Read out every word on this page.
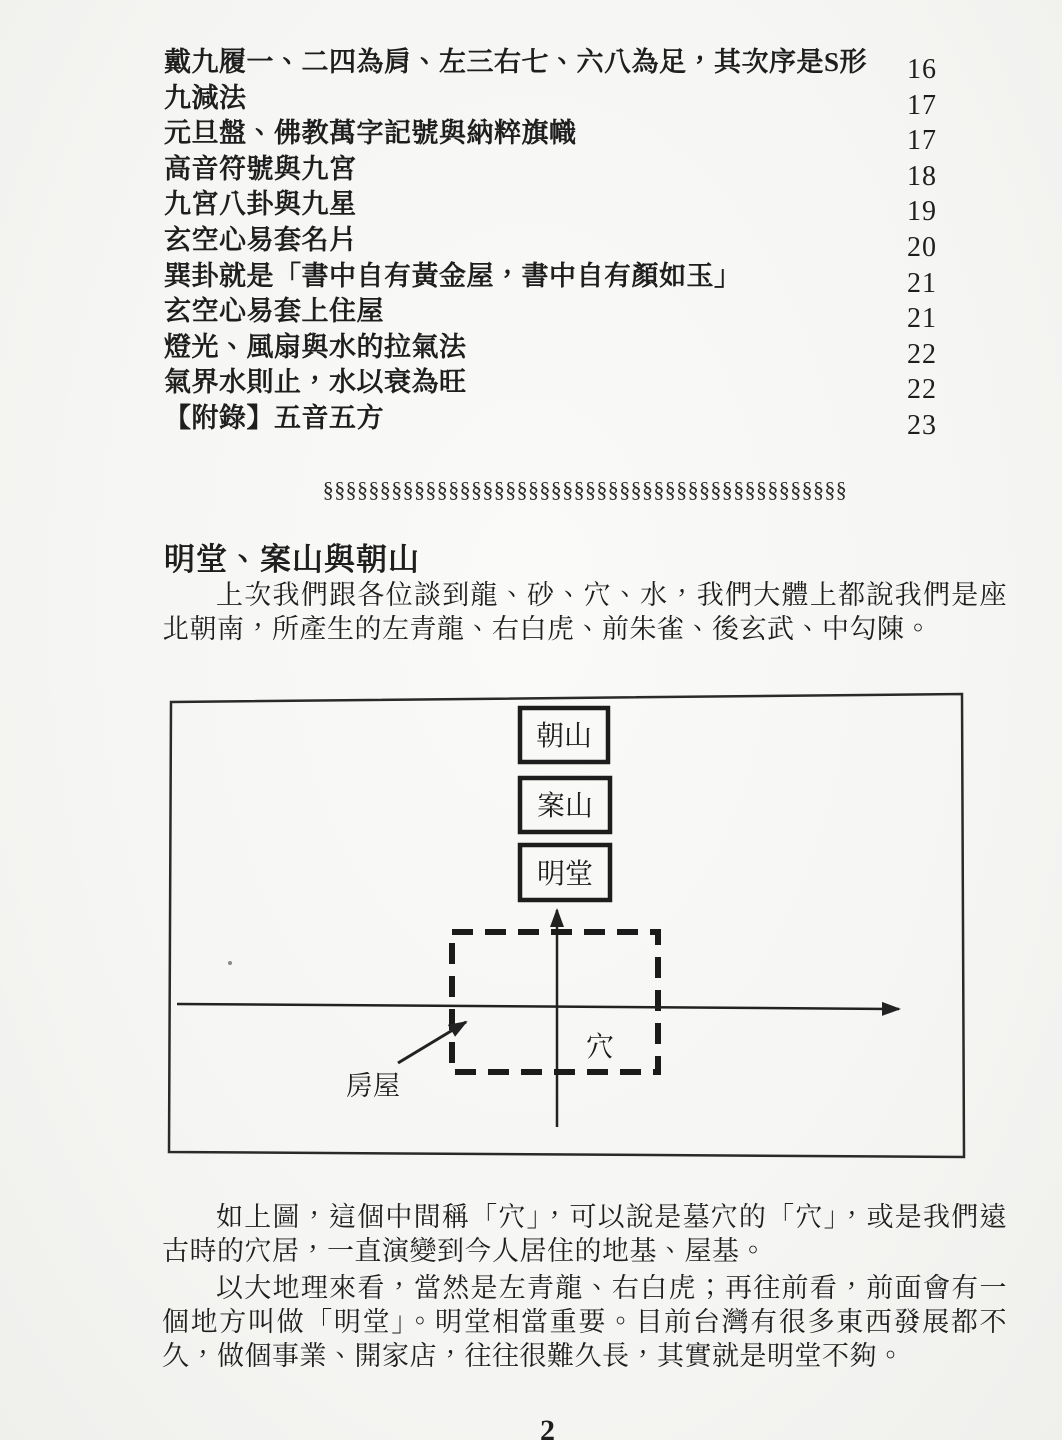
戴九履一、二四為肩、左三右七、六八為足，其次序是S形 16
九減法	17
元旦盤、佛教萬字記號與納粹旗幟	17
高音符號與九宮	18
九宮八卦與九星	19
玄空心易套名片	20
巽卦就是「書中自有黃金屋，書中自有顏如玉」	21
玄空心易套上住屋	21
燈光、風扇與水的拉氣法	22
氣界水則止，水以衰為旺	22
【附錄】五音五方	23
§§§§§§§§§§§§§§§§§§§§§§§§§§§§§§§§§§§§§§§§§§§§§§
明堂、案山與朝山

上次我們跟各位談到龍、砂、穴、水，我們大體上都說我們是座北朝南，所產生的左青龍、右白虎、前朱雀、後玄武、中勾陳。

朝山
案山
明堂
穴
房屋

如上圖，這個中間稱「穴」，可以說是墓穴的「穴」，或是我們遠古時的穴居，一直演變到今人居住的地基、屋基。

以大地理來看，當然是左青龍、右白虎；再往前看，前面會有一個地方叫做「明堂」。明堂相當重要。目前台灣有很多東西發展都不久，做個事業、開家店，往往很難久長，其實就是明堂不夠。

2
